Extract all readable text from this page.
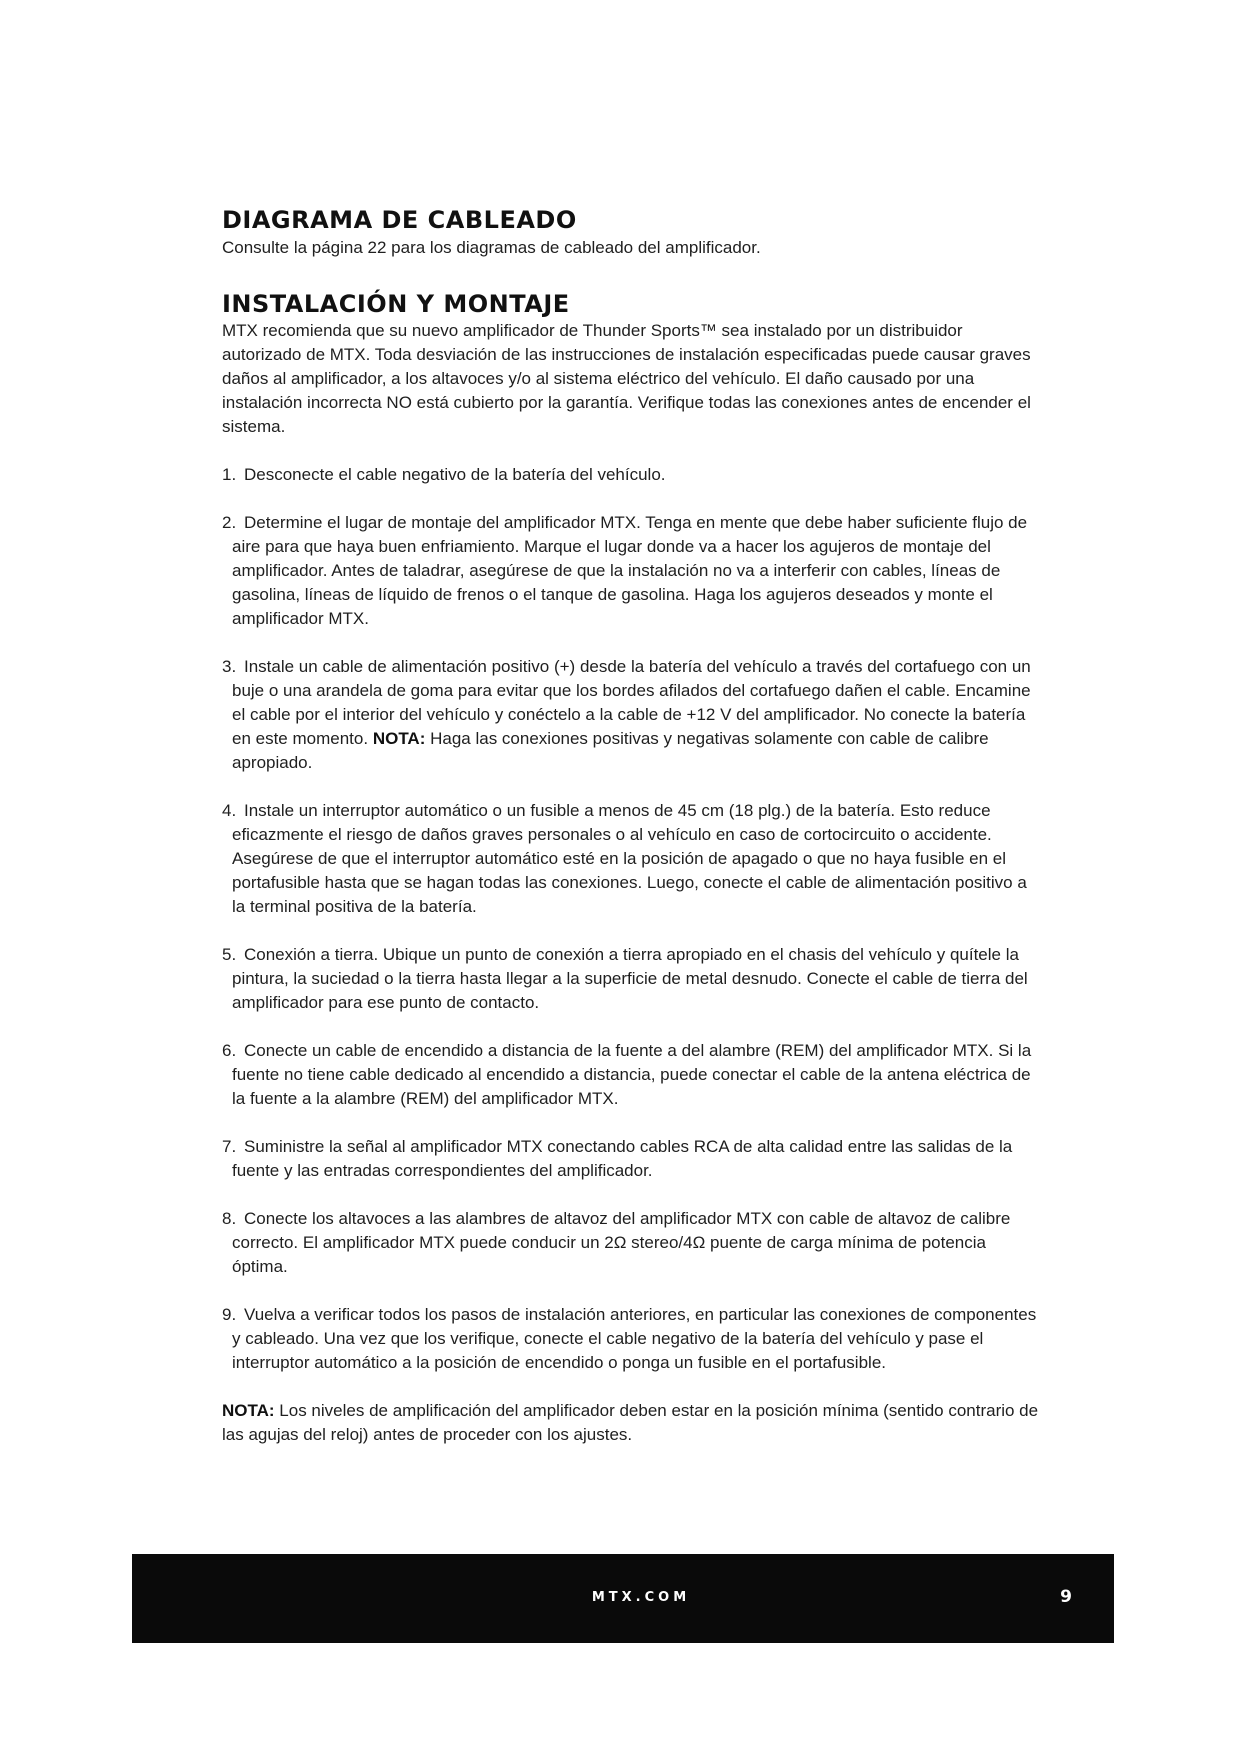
DIAGRAMA DE CABLEADO

Consulte la página 22 para los diagramas de cableado del amplificador.

INSTALACIÓN Y MONTAJE

MTX recomienda que su nuevo amplificador de Thunder Sports™ sea instalado por un distribuidor autorizado de MTX. Toda desviación de las instrucciones de instalación especificadas puede causar graves daños al amplificador, a los altavoces y/o al sistema eléctrico del vehículo. El daño causado por una instalación incorrecta NO está cubierto por la garantía. Verifique todas las conexiones antes de encender el sistema.

1. Desconecte el cable negativo de la batería del vehículo.
2. Determine el lugar de montaje del amplificador MTX. Tenga en mente que debe haber suficiente flujo de aire para que haya buen enfriamiento. Marque el lugar donde va a hacer los agujeros de montaje del amplificador. Antes de taladrar, asegúrese de que la instalación no va a interferir con cables, líneas de gasolina, líneas de líquido de frenos o el tanque de gasolina. Haga los agujeros deseados y monte el amplificador MTX.
3. Instale un cable de alimentación positivo (+) desde la batería del vehículo a través del cortafuego con un buje o una arandela de goma para evitar que los bordes afilados del cortafuego dañen el cable. Encamine el cable por el interior del vehículo y conéctelo a la cable de +12 V del amplificador. No conecte la batería en este momento. NOTA: Haga las conexiones positivas y negativas solamente con cable de calibre apropiado.
4. Instale un interruptor automático o un fusible a menos de 45 cm (18 plg.) de la batería. Esto reduce eficazmente el riesgo de daños graves personales o al vehículo en caso de cortocircuito o accidente. Asegúrese de que el interruptor automático esté en la posición de apagado o que no haya fusible en el portafusible hasta que se hagan todas las conexiones. Luego, conecte el cable de alimentación positivo a la terminal positiva de la batería.
5. Conexión a tierra. Ubique un punto de conexión a tierra apropiado en el chasis del vehículo y quítele la pintura, la suciedad o la tierra hasta llegar a la superficie de metal desnudo. Conecte el cable de tierra del amplificador para ese punto de contacto.
6. Conecte un cable de encendido a distancia de la fuente a del alambre (REM) del amplificador MTX. Si la fuente no tiene cable dedicado al encendido a distancia, puede conectar el cable de la antena eléctrica de la fuente a la alambre (REM) del amplificador MTX.
7. Suministre la señal al amplificador MTX conectando cables RCA de alta calidad entre las salidas de la fuente y las entradas correspondientes del amplificador.
8. Conecte los altavoces a las alambres de altavoz del amplificador MTX con cable de altavoz de calibre correcto. El amplificador MTX puede conducir un 2Ω stereo/4Ω puente de carga mínima de potencia óptima.
9. Vuelva a verificar todos los pasos de instalación anteriores, en particular las conexiones de componentes y cableado. Una vez que los verifique, conecte el cable negativo de la batería del vehículo y pase el interruptor automático a la posición de encendido o ponga un fusible en el portafusible.

NOTA: Los niveles de amplificación del amplificador deben estar en la posición mínima (sentido contrario de las agujas del reloj) antes de proceder con los ajustes.

MTX.COM	9
